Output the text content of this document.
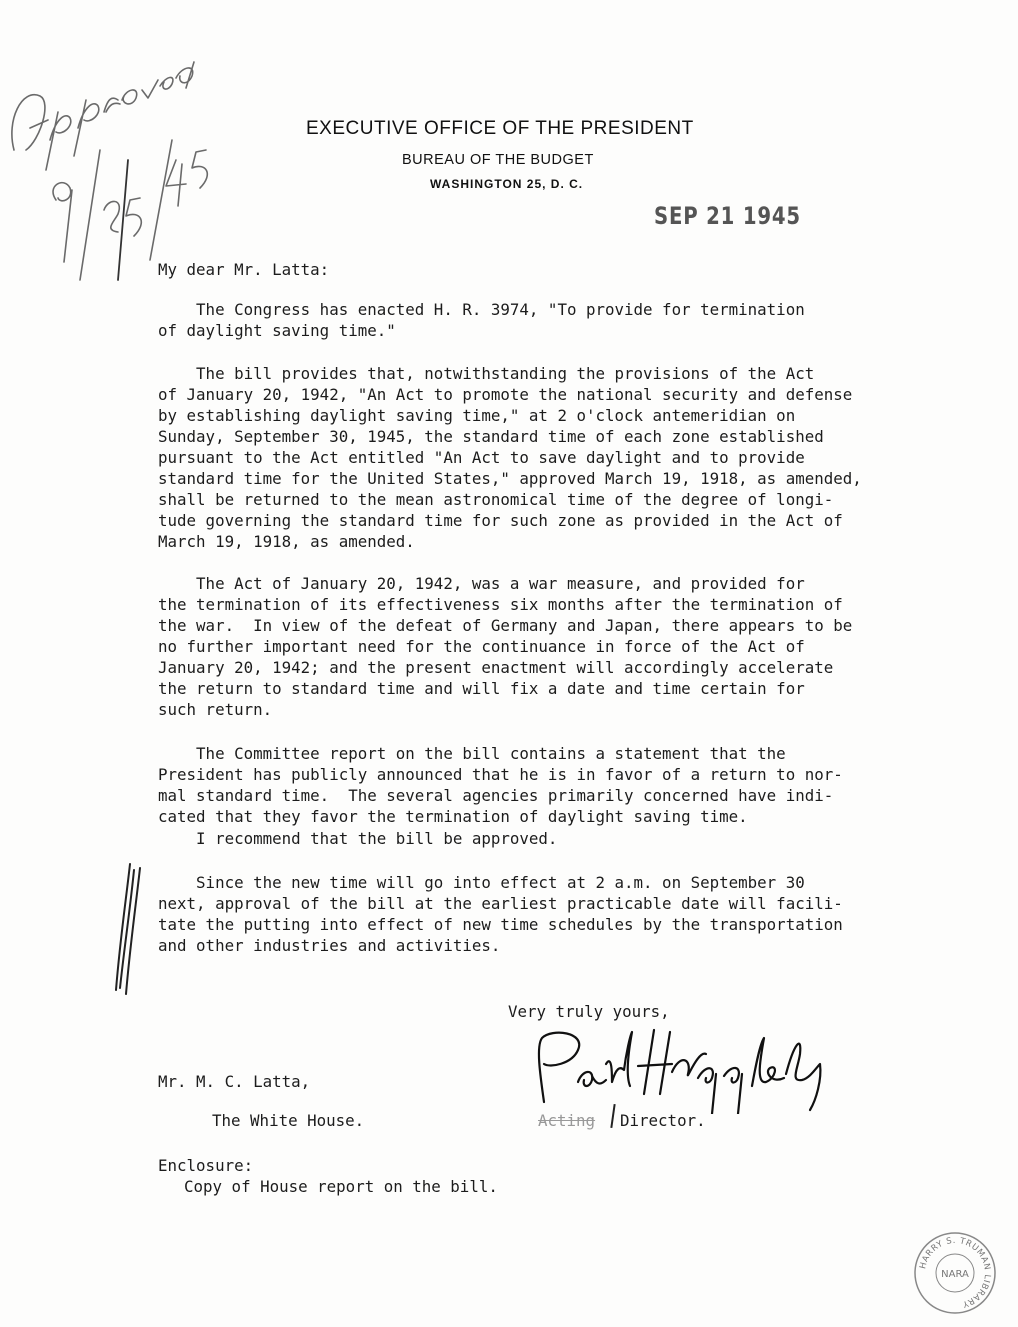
EXECUTIVE OFFICE OF THE PRESIDENT
BUREAU OF THE BUDGET
WASHINGTON 25, D. C.
SEP 21 1945
My dear Mr. Latta:
The Congress has enacted H. R. 3974, "To provide for termination
of daylight saving time."
The bill provides that, notwithstanding the provisions of the Act
of January 20, 1942, "An Act to promote the national security and defense
by establishing daylight saving time," at 2 o'clock antemeridian on
Sunday, September 30, 1945, the standard time of each zone established
pursuant to the Act entitled "An Act to save daylight and to provide
standard time for the United States," approved March 19, 1918, as amended,
shall be returned to the mean astronomical time of the degree of longi-
tude governing the standard time for such zone as provided in the Act of
March 19, 1918, as amended.
The Act of January 20, 1942, was a war measure, and provided for
the termination of its effectiveness six months after the termination of
the war.  In view of the defeat of Germany and Japan, there appears to be
no further important need for the continuance in force of the Act of
January 20, 1942; and the present enactment will accordingly accelerate
the return to standard time and will fix a date and time certain for
such return.
The Committee report on the bill contains a statement that the
President has publicly announced that he is in favor of a return to nor-
mal standard time.  The several agencies primarily concerned have indi-
cated that they favor the termination of daylight saving time.
I recommend that the bill be approved.
Since the new time will go into effect at 2 a.m. on September 30
next, approval of the bill at the earliest practicable date will facili-
tate the putting into effect of new time schedules by the transportation
and other industries and activities.
Very truly yours,
Mr. M. C. Latta,
The White House.	Acting Director.
Enclosure:
Copy of House report on the bill.
HARRY S. TRUMAN LIBRARY
NARA
